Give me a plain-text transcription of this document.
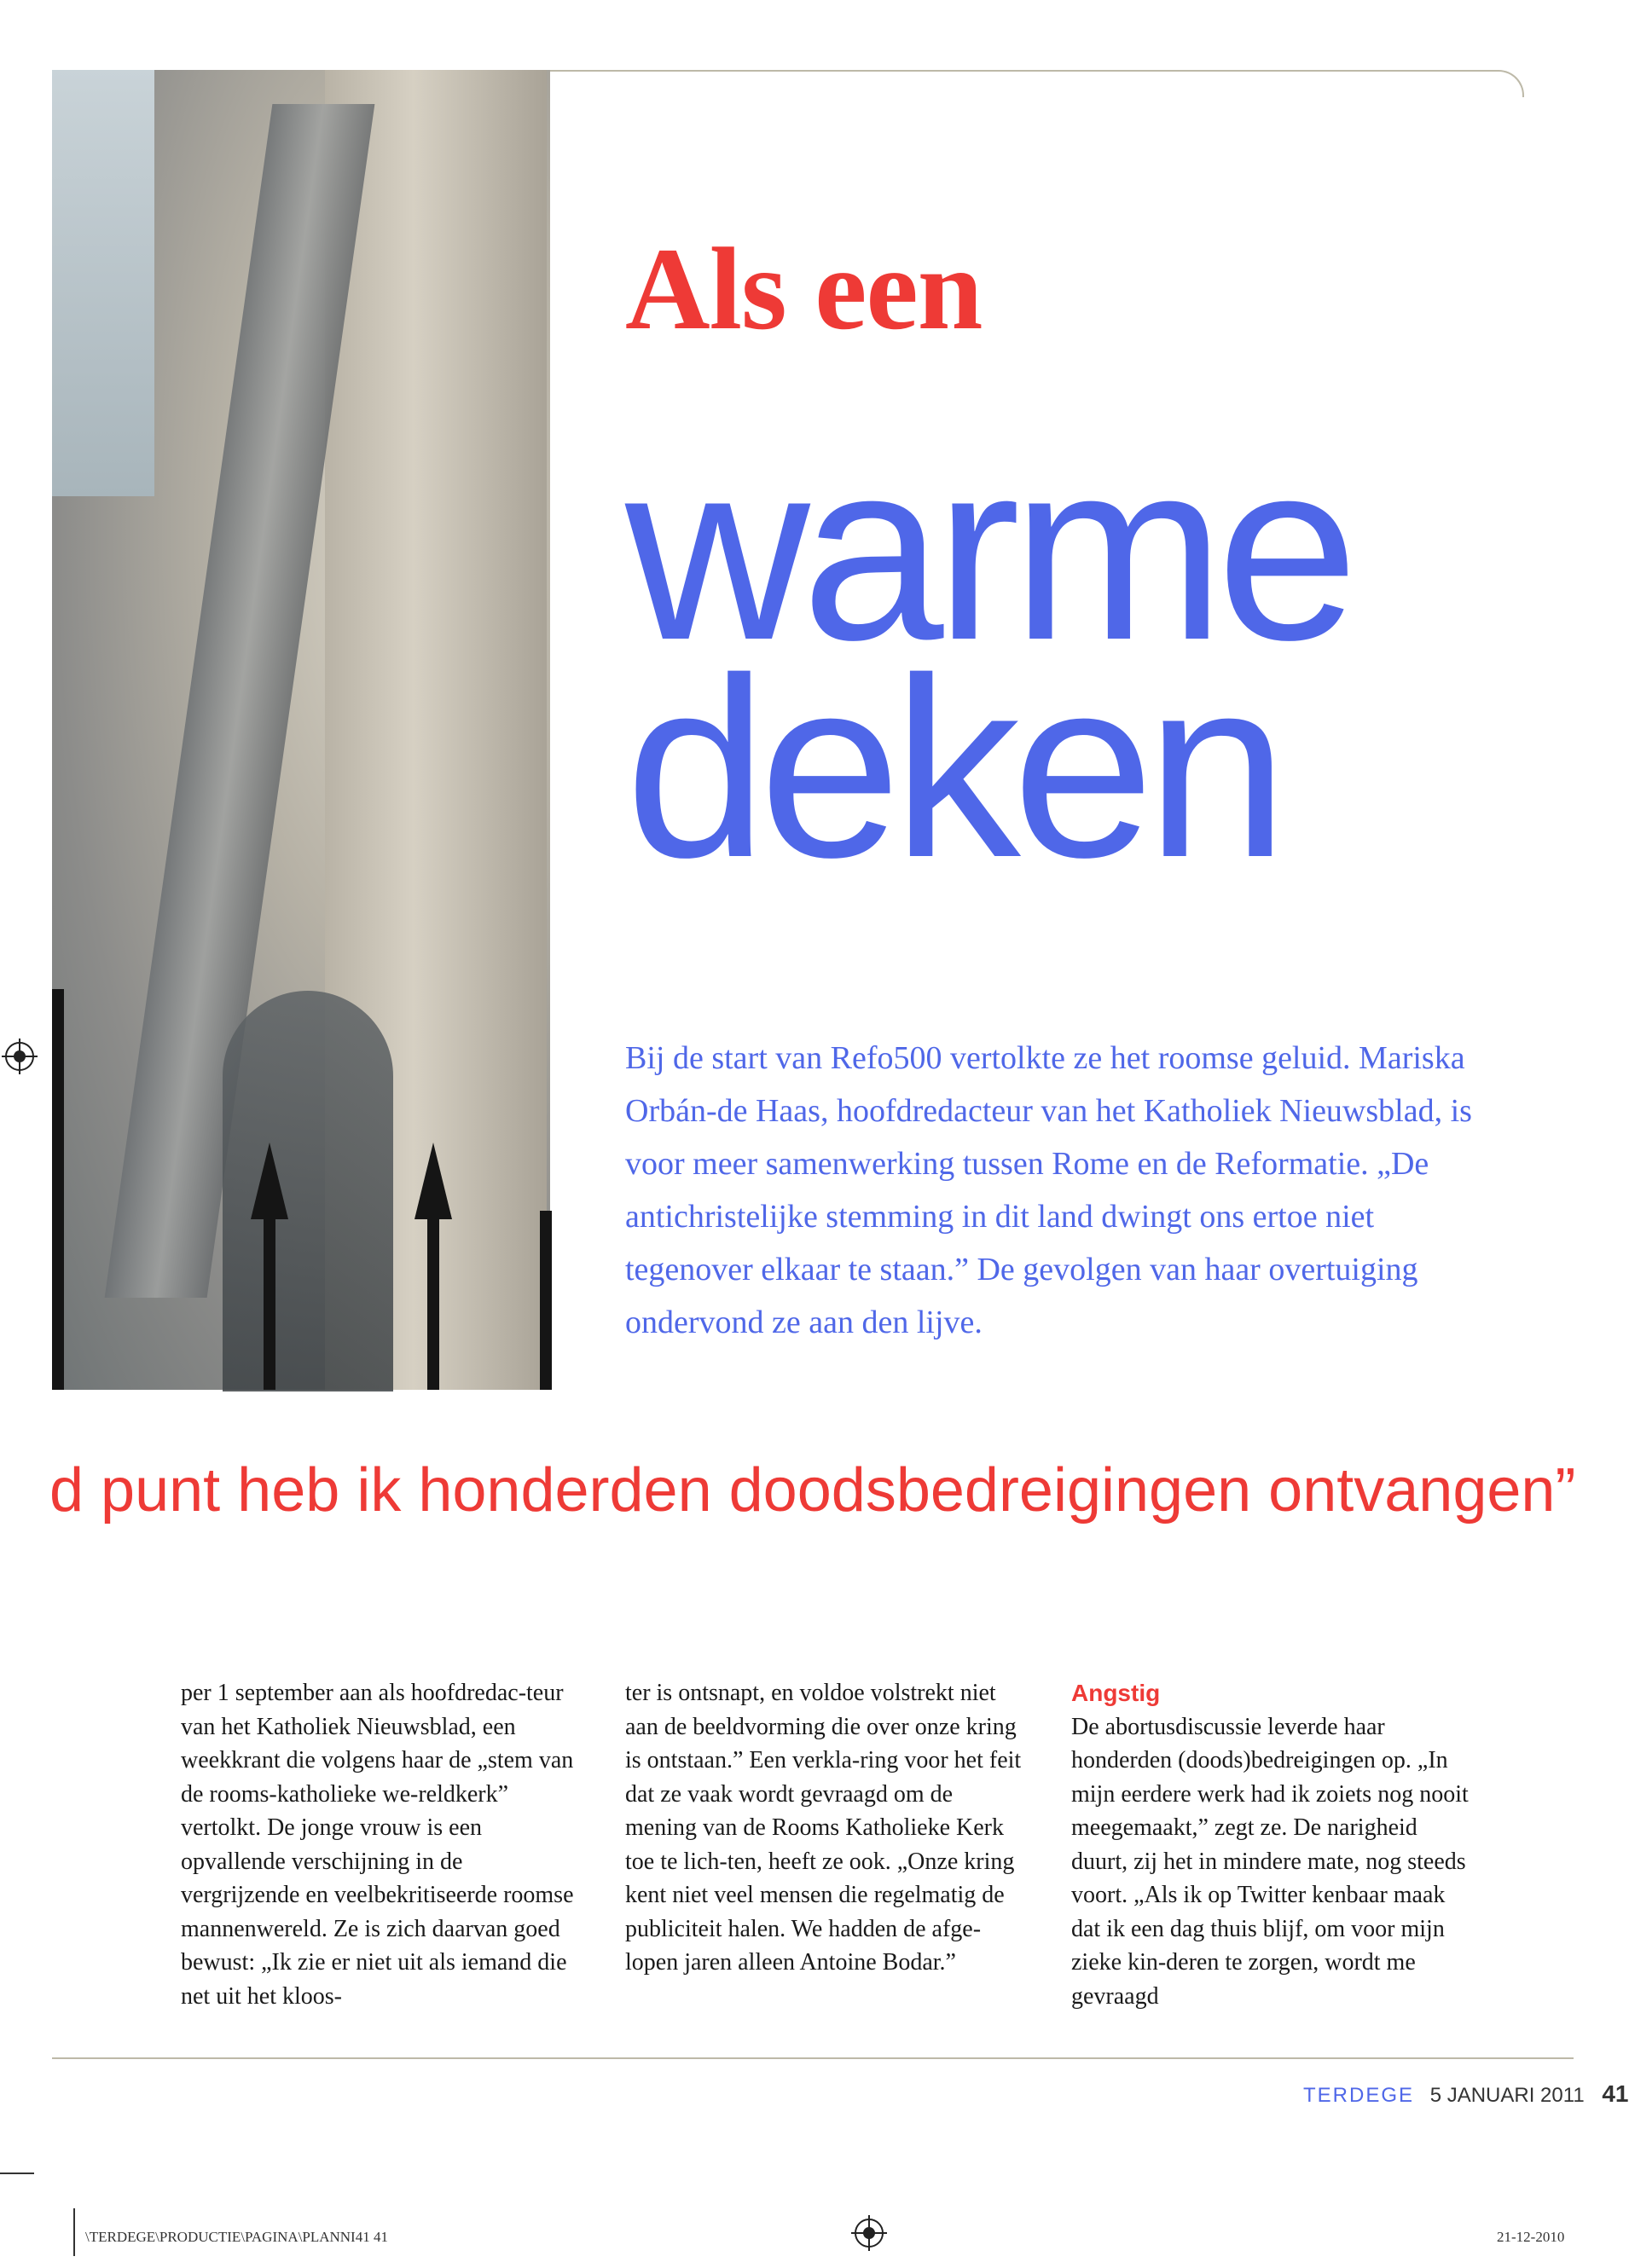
Als een
warme
deken
Bij de start van Refo500 vertolkte ze het roomse geluid. Mariska Orbán-de Haas, hoofdredacteur van het Katholiek Nieuwsblad, is voor meer samenwerking tussen Rome en de Reformatie. „De antichristelijke stemming in dit land dwingt ons ertoe niet tegenover elkaar te staan.” De gevolgen van haar overtuiging ondervond ze aan den lijve.
d punt heb ik honderden doodsbedreigingen ontvangen”

per 1 september aan als hoofdredac-teur van het Katholiek Nieuwsblad, een weekkrant die volgens haar de „stem van de rooms-katholieke we-reldkerk” vertolkt. De jonge vrouw is een opvallende verschijning in de vergrijzende en veelbekritiseerde roomse mannenwereld. Ze is zich daarvan goed bewust: „Ik zie er niet uit als iemand die net uit het kloos-

ter is ontsnapt, en voldoe volstrekt niet aan de beeldvorming die over onze kring is ontstaan.” Een verkla-ring voor het feit dat ze vaak wordt gevraagd om de mening van de Rooms Katholieke Kerk toe te lich-ten, heeft ze ook. „Onze kring kent niet veel mensen die regelmatig de publiciteit halen. We hadden de afge-lopen jaren alleen Antoine Bodar.”

Angstig

De abortusdiscussie leverde haar honderden (doods)bedreigingen op. „In mijn eerdere werk had ik zoiets nog nooit meegemaakt,” zegt ze. De narigheid duurt, zij het in mindere mate, nog steeds voort. „Als ik op Twitter kenbaar maak dat ik een dag thuis blijf, om voor mijn zieke kin-deren te zorgen, wordt me gevraagd

TERDEGE 5 JANUARI 2011 41
\TERDEGE\PRODUCTIE\PAGINA\PLANNI41 41	21-12-2010
